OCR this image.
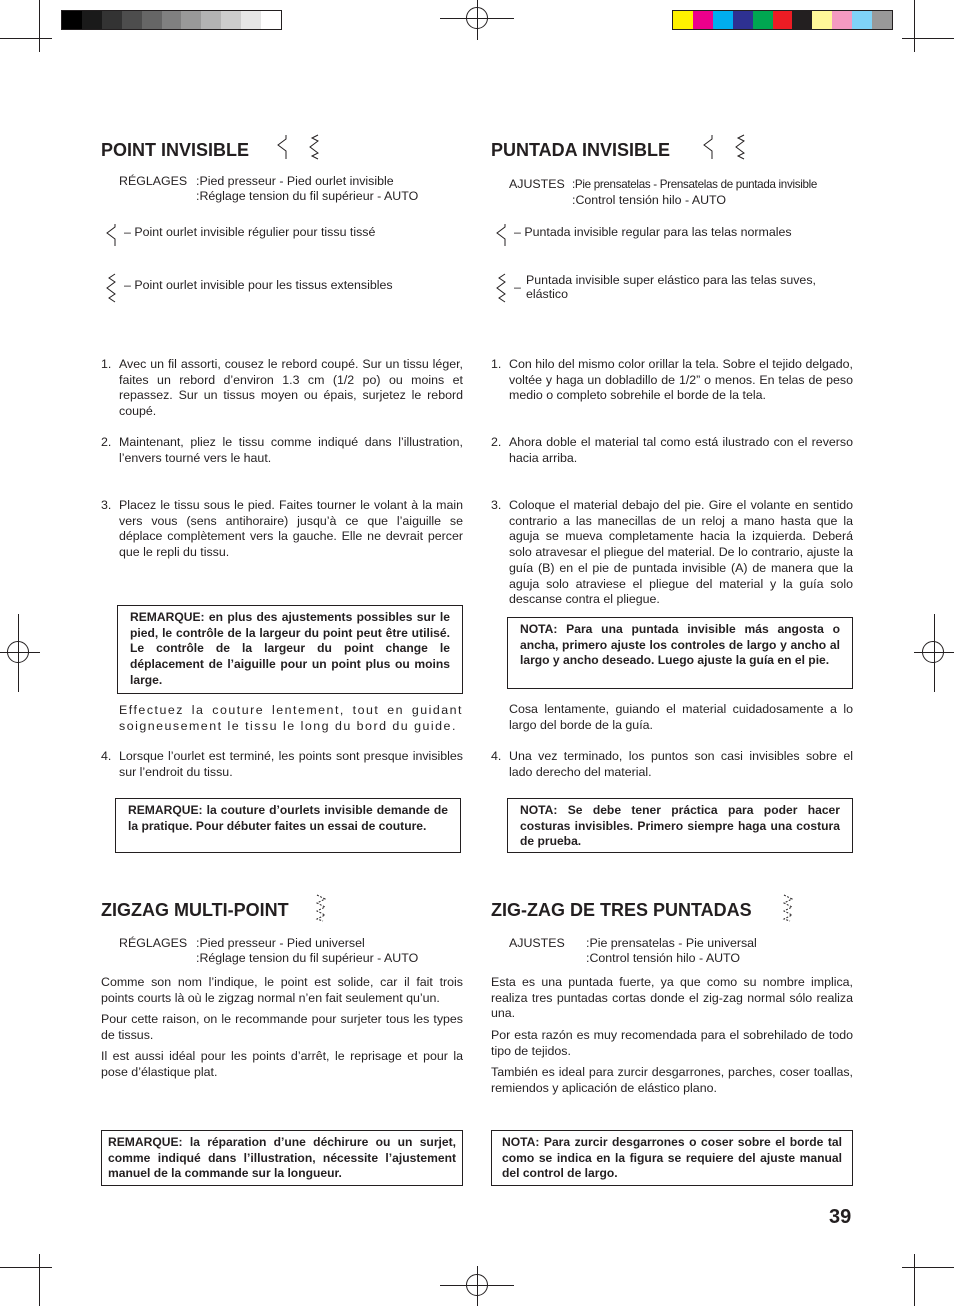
POINT INVISIBLE
RÉGLAGES :Pied presseur - Pied ourlet invisible
:Réglage tension du fil supérieur - AUTO
– Point ourlet invisible régulier pour tissu tissé
– Point ourlet invisible pour les tissus extensibles
1. Avec un fil assorti, cousez le rebord coupé. Sur un tissu léger, faites un rebord d’environ 1.3 cm (1/2 po) ou moins et repassez. Sur un tissus moyen ou épais, surjetez le rebord coupé.
2. Maintenant, pliez le tissu comme indiqué dans l’illustration, l’envers tourné vers le haut.
3. Placez le tissu sous le pied. Faites tourner le volant à la main vers vous (sens antihoraire) jusqu’à ce que l’aiguille se déplace complètement vers la gauche. Elle ne devrait percer que le repli du tissu.
REMARQUE: en plus des ajustements possibles sur le pied, le contrôle de la largeur du point peut être utilisé. Le contrôle de la largeur du point change le déplacement de l’aiguille pour un point plus ou moins large.
Effectuez la couture lentement, tout en guidant soigneusement le tissu le long du bord du guide.
4. Lorsque l’ourlet est terminé, les points sont presque invisibles sur l’endroit du tissu.
REMARQUE: la couture d’ourlets invisible demande de la pratique. Pour débuter faites un essai de couture.
ZIGZAG MULTI-POINT
RÉGLAGES :Pied presseur - Pied universel
:Réglage tension du fil supérieur - AUTO
Comme son nom l’indique, le point est solide, car il fait trois points courts là où le zigzag normal n’en fait seulement qu’un.
Pour cette raison, on le recommande pour surjeter tous les types de tissus.
Il est aussi idéal pour les points d’arrêt, le reprisage et pour la pose d’élastique plat.
REMARQUE: la réparation d’une déchirure ou un surjet, comme indiqué dans l’illustration, nécessite l’ajustement manuel de la commande sur la longueur.
PUNTADA INVISIBLE
AJUSTES :Pie prensatelas - Prensatelas de puntada invisible
:Control tensión hilo - AUTO
– Puntada invisible regular para las telas normales
– Puntada invisible super elástico para las telas suves, elástico
1. Con hilo del mismo color orillar la tela. Sobre el tejido delgado, voltée y haga un dobladillo de 1/2” o menos. En telas de peso medio o completo sobrehile el borde de la tela.
2. Ahora doble el material tal como está ilustrado con el reverso hacia arriba.
3. Coloque el material debajo del pie. Gire el volante en sentido contrario a las manecillas de un reloj a mano hasta que la aguja se mueva completamente hacia la izquierda. Deberá solo atravesar el pliegue del material. De lo contrario, ajuste la guía (B) en el pie de puntada invisible (A) de manera que la aguja solo atraviese el pliegue del material y la guía solo descanse contra el pliegue.
NOTA: Para una puntada invisible más angosta o ancha, primero ajuste los controles de largo y ancho al largo y ancho deseado. Luego ajuste la guía en el pie.
Cosa lentamente, guiando el material cuidadosamente a lo largo del borde de la guía.
4. Una vez terminado, los puntos son casi invisibles sobre el lado derecho del material.
NOTA: Se debe tener práctica para poder hacer costuras invisibles. Primero siempre haga una costura de prueba.
ZIG-ZAG DE TRES PUNTADAS
AJUSTES :Pie prensatelas - Pie universal
:Control tensión hilo - AUTO
Esta es una puntada fuerte, ya que como su nombre implica, realiza tres puntadas cortas donde el zig-zag normal sólo realiza una.
Por esta razón es muy recomendada para el sobrehilado de todo tipo de tejidos.
También es ideal para zurcir desgarrones, parches, coser toallas, remiendos y aplicación de elástico plano.
NOTA: Para zurcir desgarrones o coser sobre el borde tal como se indica en la figura se requiere del ajuste manual del control de largo.
39
